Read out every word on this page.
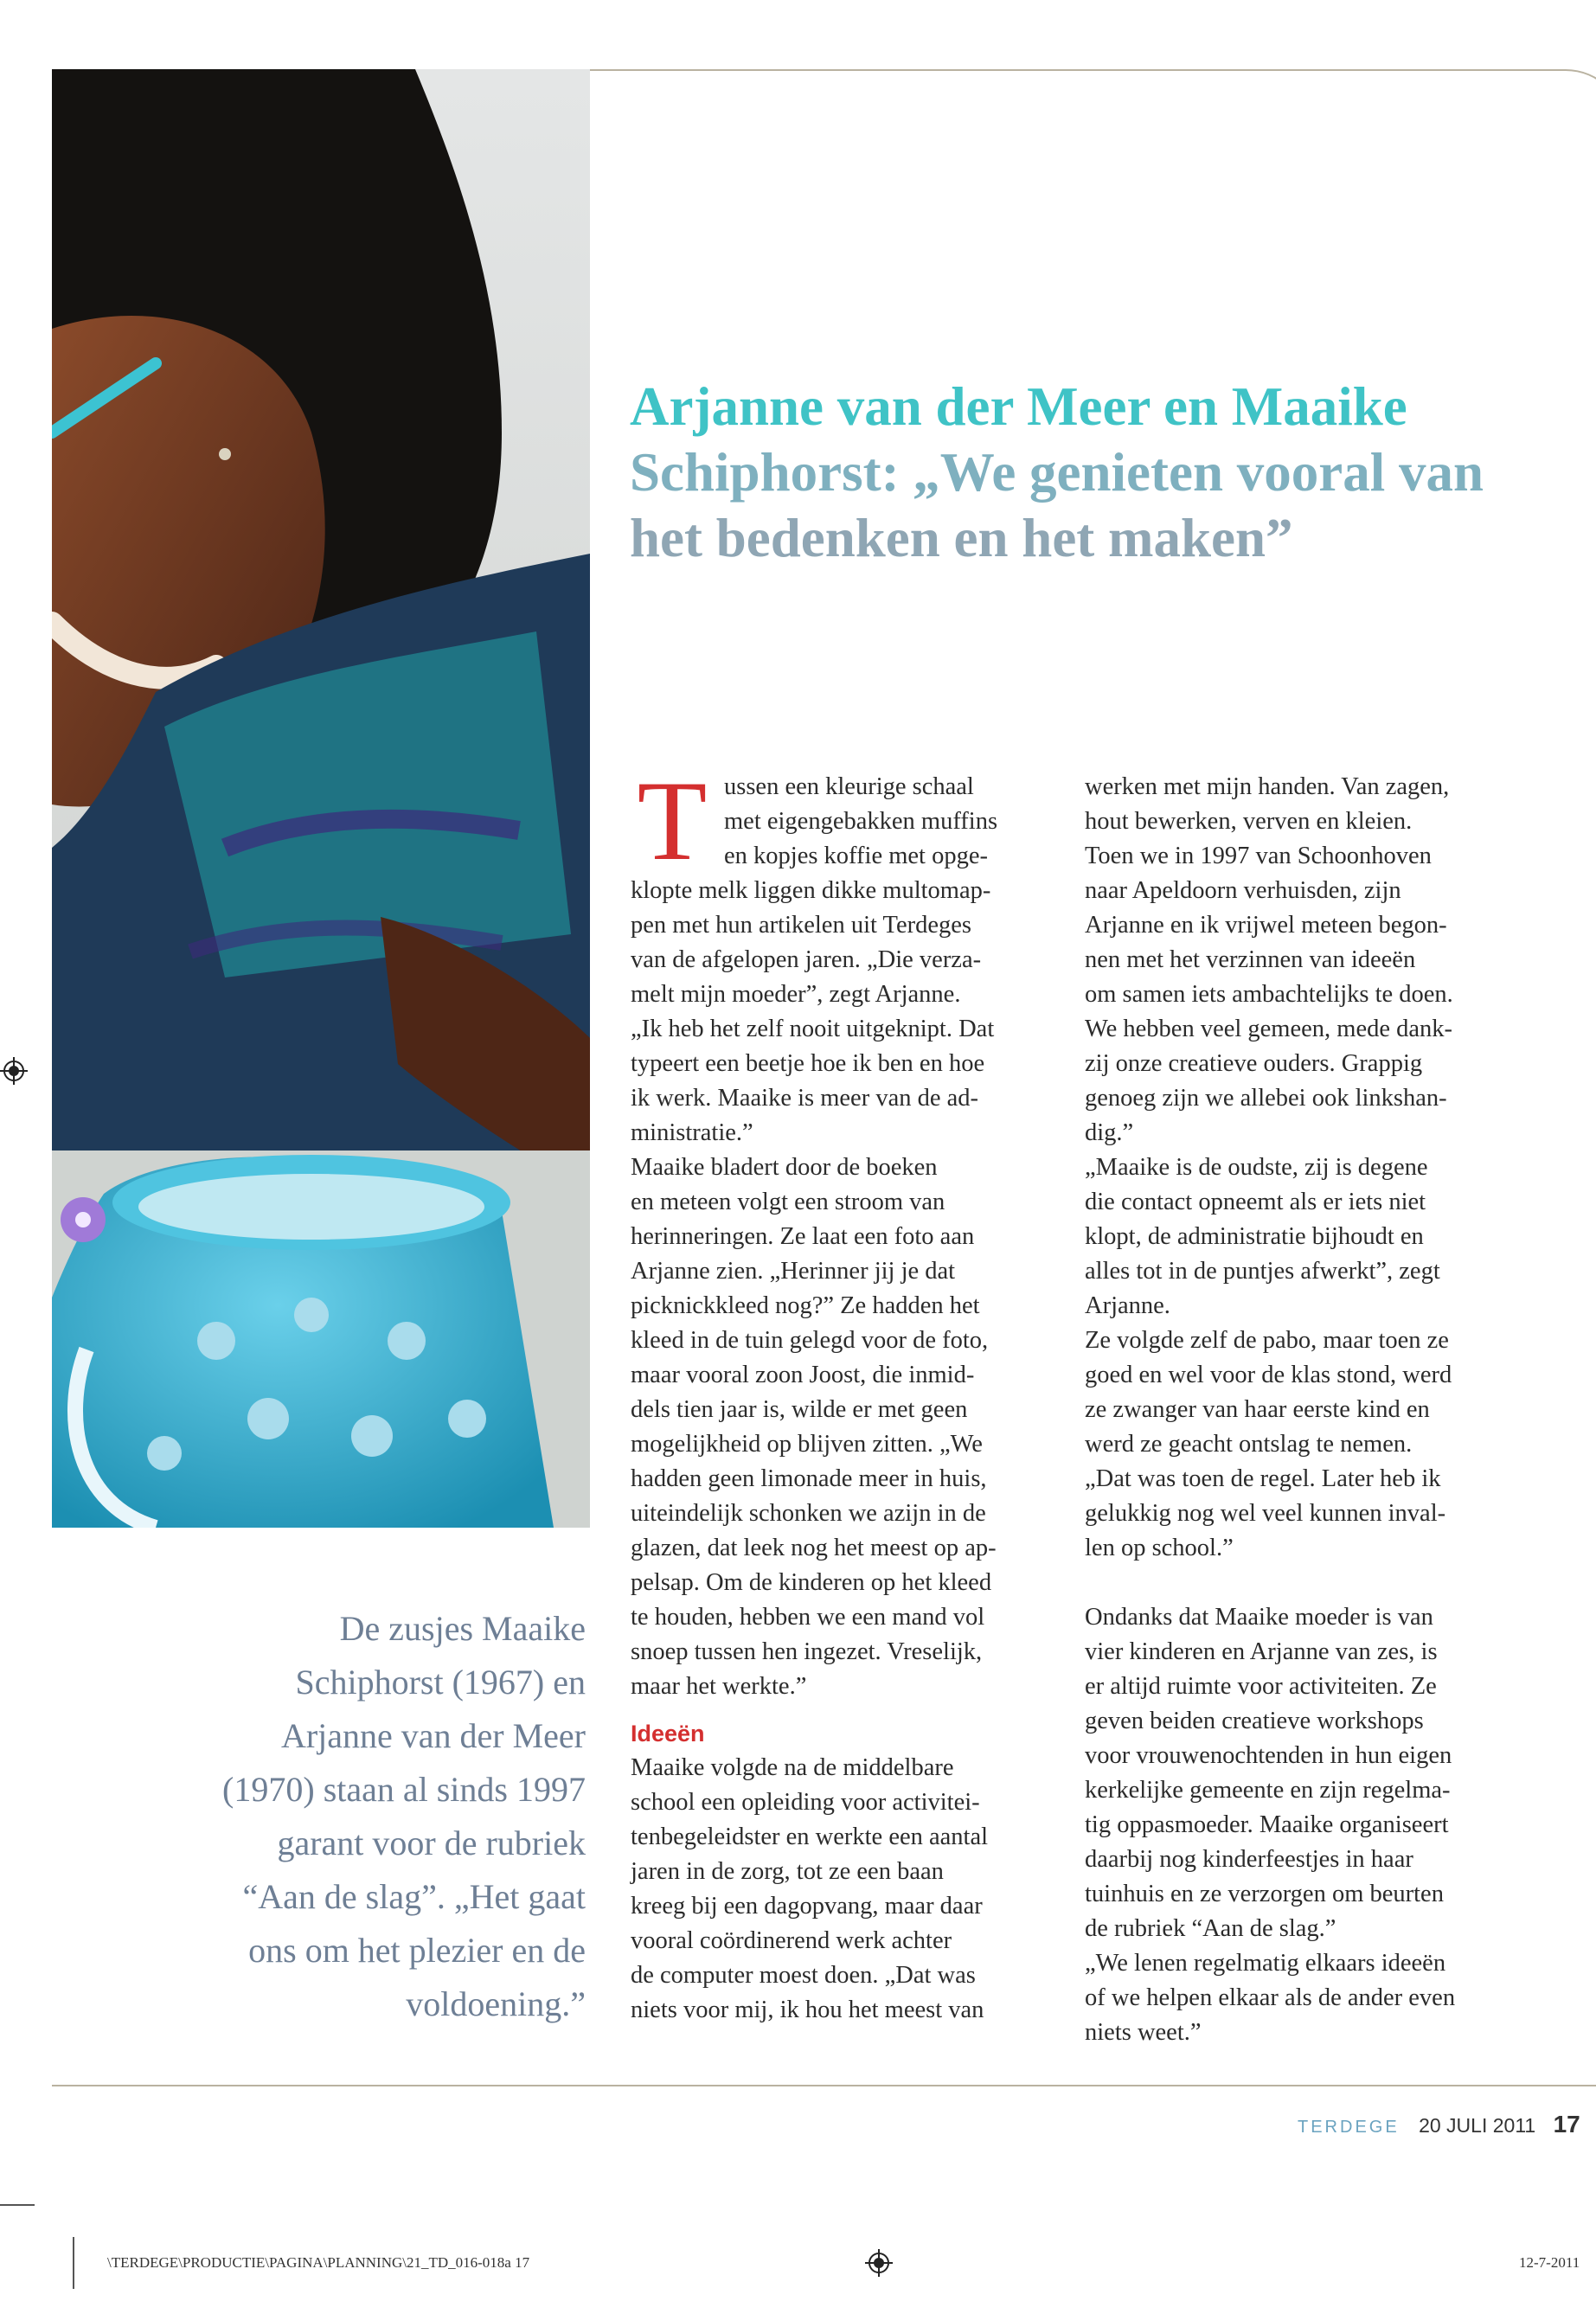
Arjanne van der Meer en Maaike
Schiphorst: „We genieten vooral van
het bedenken en het maken”
De zusjes Maaike
Schiphorst (1967) en
Arjanne van der Meer
(1970) staan al sinds 1997
garant voor de rubriek
“Aan de slag”. „Het gaat
ons om het plezier en de
voldoening.”
T ussen een kleurige schaal
met eigengebakken muffins
en kopjes koffie met opge-
klopte melk liggen dikke multomap-
pen met hun artikelen uit Terdeges
van de afgelopen jaren. „Die verza-
melt mijn moeder”, zegt Arjanne.
„Ik heb het zelf nooit uitgeknipt. Dat
typeert een beetje hoe ik ben en hoe
ik werk. Maaike is meer van de ad-
ministratie.”
Maaike bladert door de boeken
en meteen volgt een stroom van
herinneringen. Ze laat een foto aan
Arjanne zien. „Herinner jij je dat
picknickkleed nog?” Ze hadden het
kleed in de tuin gelegd voor de foto,
maar vooral zoon Joost, die inmid-
dels tien jaar is, wilde er met geen
mogelijkheid op blijven zitten. „We
hadden geen limonade meer in huis,
uiteindelijk schonken we azijn in de
glazen, dat leek nog het meest op ap-
pelsap. Om de kinderen op het kleed
te houden, hebben we een mand vol
snoep tussen hen ingezet. Vreselijk,
maar het werkte.”

Ideeën

Maaike volgde na de middelbare
school een opleiding voor activitei-
tenbegeleidster en werkte een aantal
jaren in de zorg, tot ze een baan
kreeg bij een dagopvang, maar daar
vooral coördinerend werk achter
de computer moest doen. „Dat was
niets voor mij, ik hou het meest van

werken met mijn handen. Van zagen,
hout bewerken, verven en kleien.
Toen we in 1997 van Schoonhoven
naar Apeldoorn verhuisden, zijn
Arjanne en ik vrijwel meteen begon-
nen met het verzinnen van ideeën
om samen iets ambachtelijks te doen.
We hebben veel gemeen, mede dank-
zij onze creatieve ouders. Grappig
genoeg zijn we allebei ook linkshan-
dig.”
„Maaike is de oudste, zij is degene
die contact opneemt als er iets niet
klopt, de administratie bijhoudt en
alles tot in de puntjes afwerkt”, zegt
Arjanne.
Ze volgde zelf de pabo, maar toen ze
goed en wel voor de klas stond, werd
ze zwanger van haar eerste kind en
werd ze geacht ontslag te nemen.
„Dat was toen de regel. Later heb ik
gelukkig nog wel veel kunnen inval-
len op school.”

Ondanks dat Maaike moeder is van
vier kinderen en Arjanne van zes, is
er altijd ruimte voor activiteiten. Ze
geven beiden creatieve workshops
voor vrouwenochtenden in hun eigen
kerkelijke gemeente en zijn regelma-
tig oppasmoeder. Maaike organiseert
daarbij nog kinderfeestjes in haar
tuinhuis en ze verzorgen om beurten
de rubriek “Aan de slag.”
„We lenen regelmatig elkaars ideeën
of we helpen elkaar als de ander even
niets weet.”

TERDEGE 20 JULI 2011 17
\TERDEGE\PRODUCTIE\PAGINA\PLANNING\21_TD_016-018a 17	12-7-2011
